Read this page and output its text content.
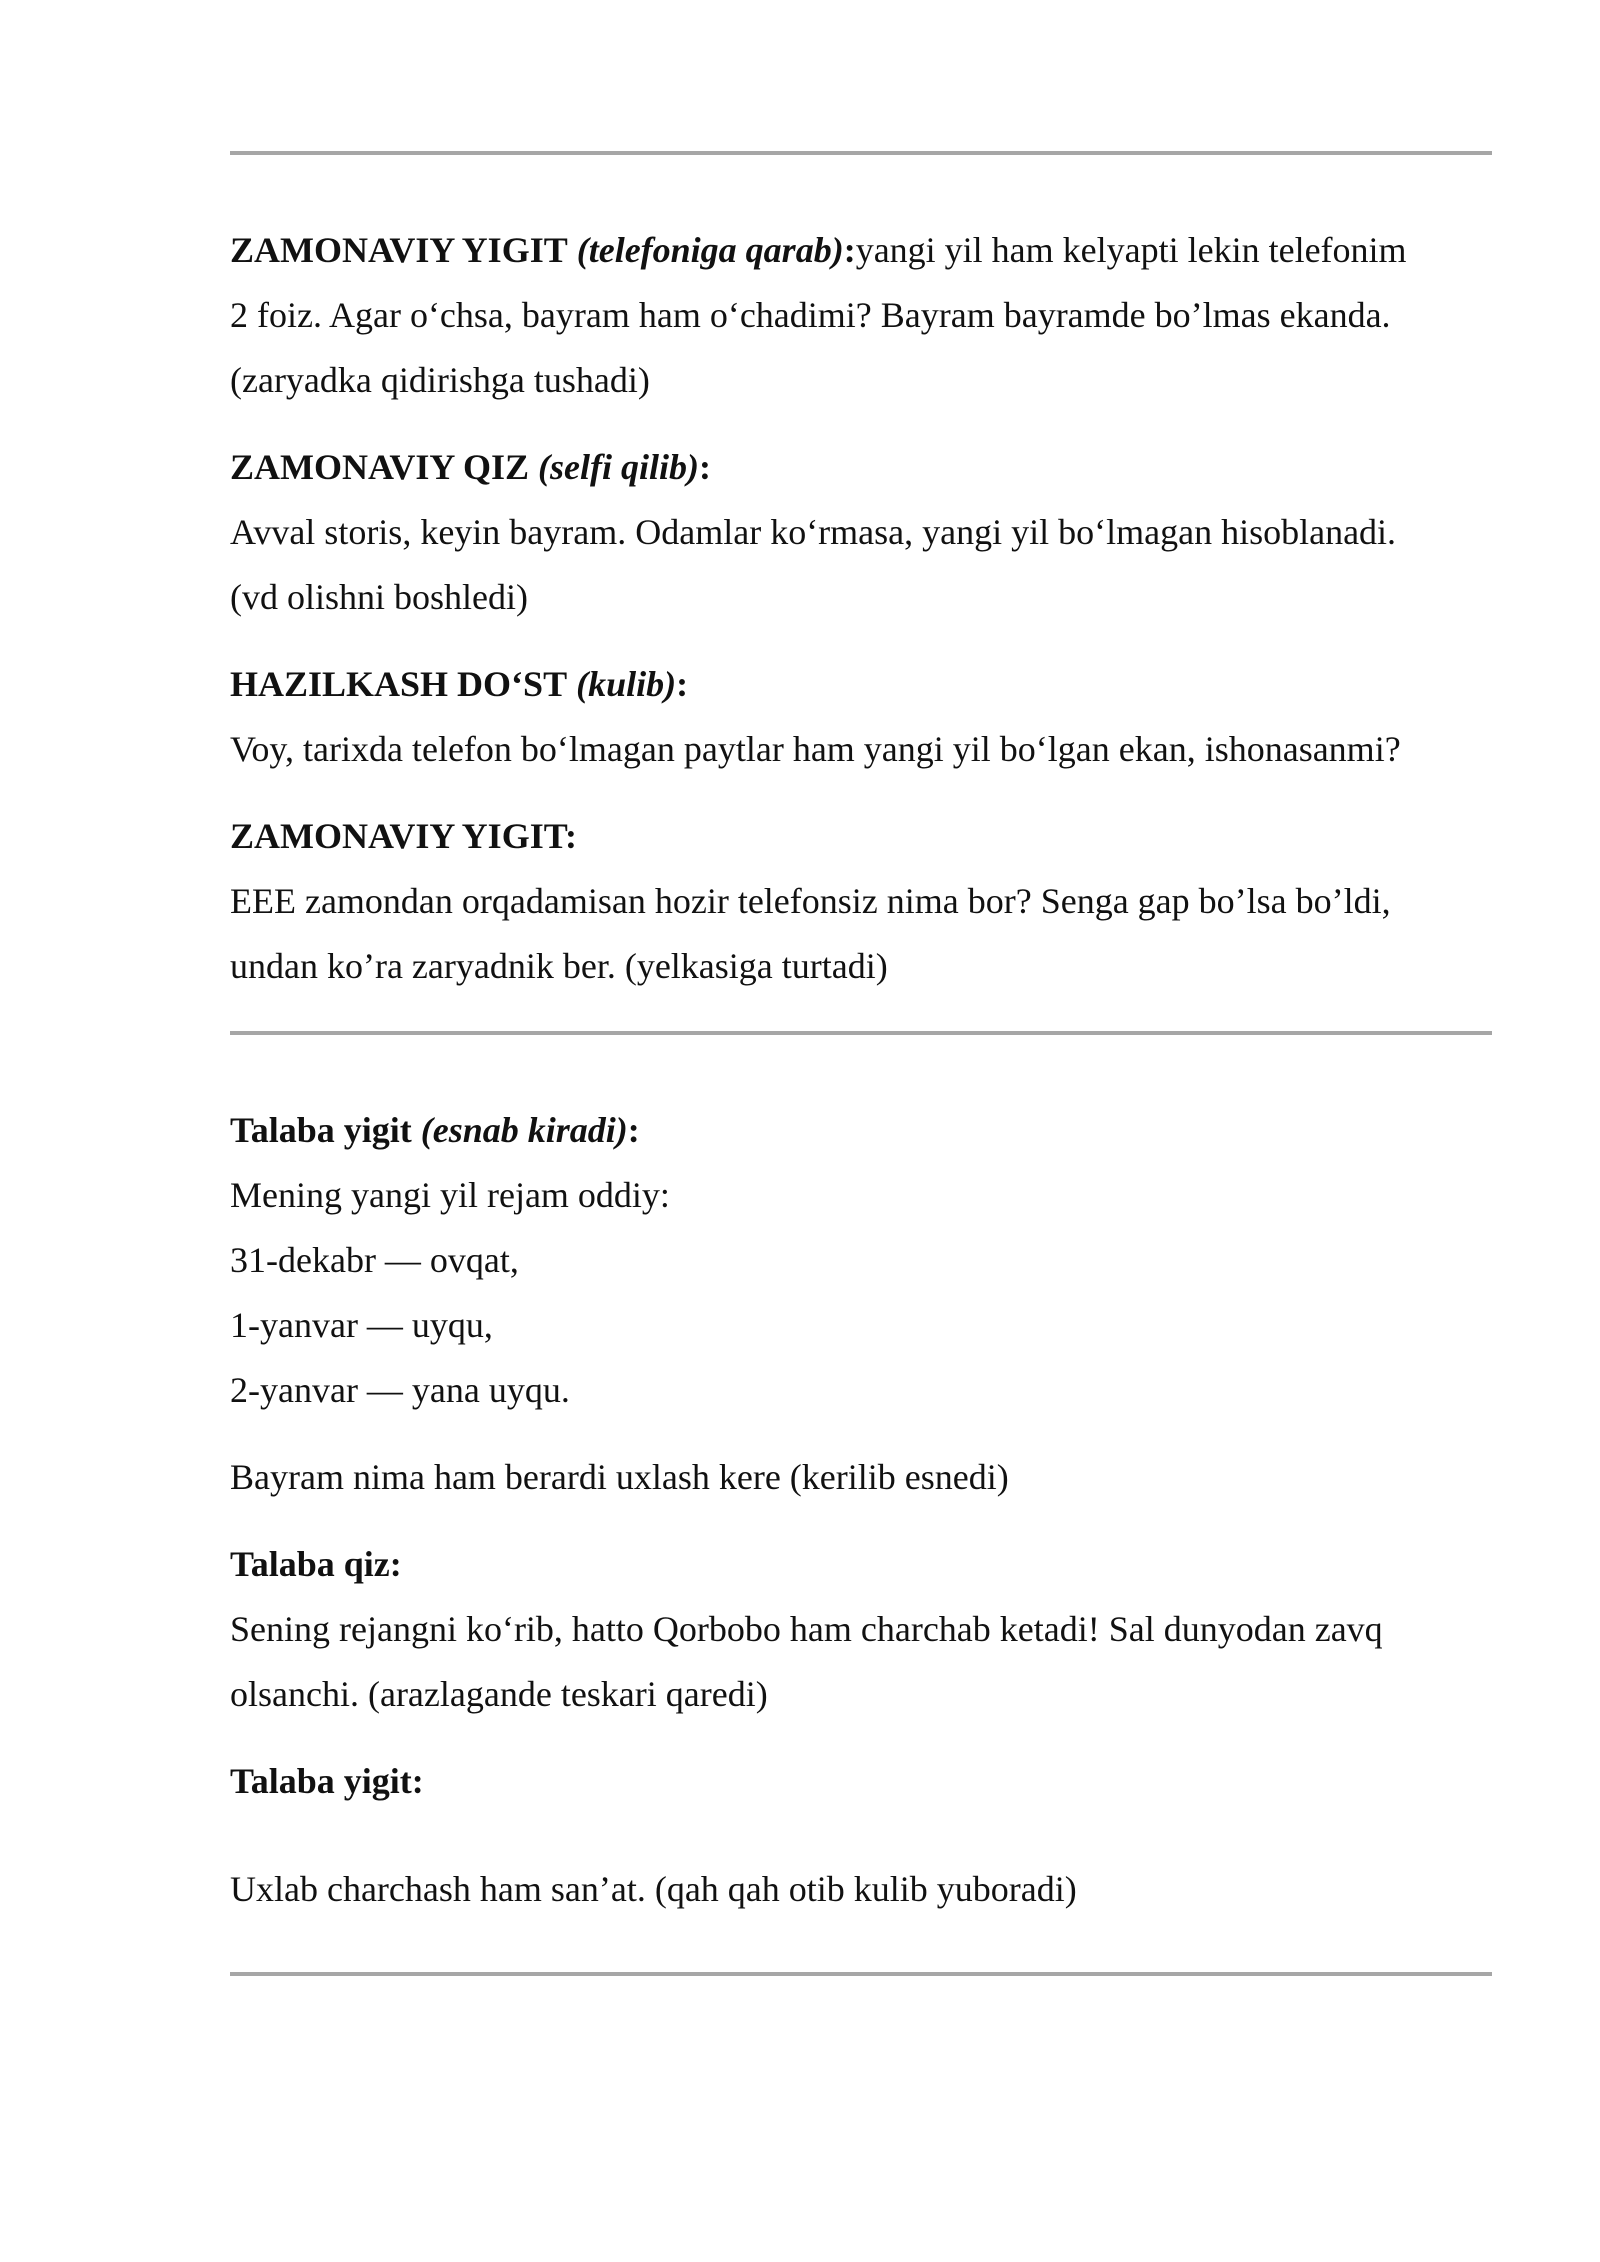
ZAMONAVIY YIGIT (telefoniga qarab):yangi yil ham kelyapti lekin telefonim

2 foiz. Agar o‘chsa, bayram ham o‘chadimi? Bayram bayramde bo’lmas ekanda.

(zaryadka qidirishga tushadi)

ZAMONAVIY QIZ (selfi qilib):

Avval storis, keyin bayram. Odamlar ko‘rmasa, yangi yil bo‘lmagan hisoblanadi.

(vd olishni boshledi)

HAZILKASH DO‘ST (kulib):

Voy, tarixda telefon bo‘lmagan paytlar ham yangi yil bo‘lgan ekan, ishonasanmi?

ZAMONAVIY YIGIT:

EEE zamondan orqadamisan hozir telefonsiz nima bor? Senga gap bo’lsa bo’ldi,

undan ko’ra zaryadnik ber. (yelkasiga turtadi)

Talaba yigit (esnab kiradi):

Mening yangi yil rejam oddiy:

31-dekabr — ovqat,

1-yanvar — uyqu,

2-yanvar — yana uyqu.

Bayram nima ham berardi uxlash kere (kerilib esnedi)

Talaba qiz:

Sening rejangni ko‘rib, hatto Qorbobo ham charchab ketadi! Sal dunyodan zavq

olsanchi. (arazlagande teskari qaredi)

Talaba yigit:

Uxlab charchash ham san’at. (qah qah otib kulib yuboradi)
